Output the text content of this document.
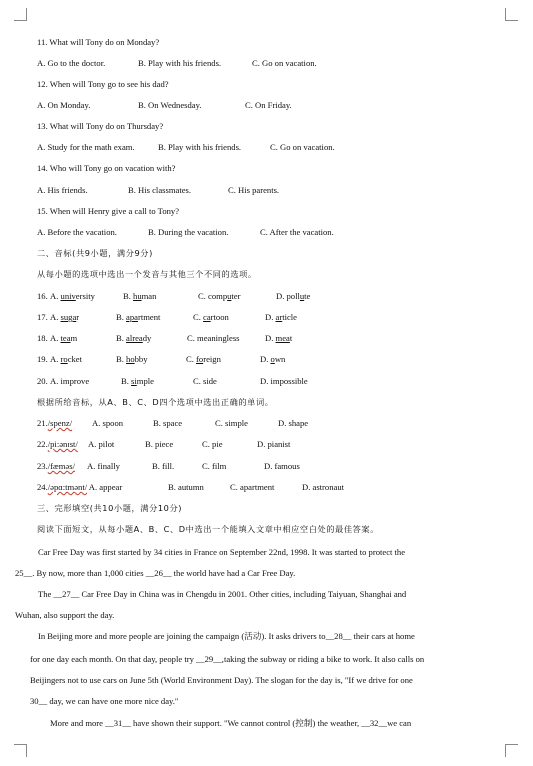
11. What will Tony do on Monday?
A. Go to the doctor.	B. Play with his friends.	C. Go on vacation.
12. When will Tony go to see his dad?
A. On Monday.	B. On Wednesday.	C. On Friday.
13. What will Tony do on Thursday?
A. Study for the math exam.	B. Play with his friends.	C. Go on vacation.
14. Who will Tony go on vacation with?
A. His friends.	B. His classmates.	C. His parents.
15. When will Henry give a call to Tony?
A. Before the vacation.	B. During the vacation.	C. After the vacation.
二、音标(共9小题，满分9分)
从每小题的选项中选出一个发音与其他三个不同的选项。
16. A. university	B. human	C. computer	D. pollute
17. A. sugar	B. apartment	C. cartoon	D. article
18. A. team	B. already	C. meaningless	D. meat
19. A. rocket	B. hobby	C. foreign	D. own
20. A. improve	B. simple	C. side	D. impossible
根据所给音标，从A、B、C、D四个选项中选出正确的单词。
21./spenz/ A. spoon	B. space	C. simple	D. shape
22./pi:ənɪst/ A. pilot	B. piece	C. pie	D. pianist
23./fæməs/ A. finally	B. fill.	C. film	D. famous
24./əpɑ:tmənt/ A. appear	B. autumn	C. apartment	D. astronaut
三、完形填空(共10小题，满分10分)
阅读下面短文，从每小题A、B、C、D中选出一个能填入文章中相应空白处的最佳答案。
Car Free Day was first started by 34 cities in France on September 22nd, 1998. It was started to protect the
25__. By now, more than 1,000 cities __26__ the world have had a Car Free Day.
The __27__ Car Free Day in China was in Chengdu in 2001. Other cities, including Taiyuan, Shanghai and
Wuhan, also support the day.
In Beijing more and more people are joining the campaign (活动). It asks drivers to__28__ their cars at home
for one day each month. On that day, people try __29__,taking the subway or riding a bike to work. It also calls on
Beijingers not to use cars on June 5th (World Environment Day). The slogan for the day is, "If we drive for one
30__ day, we can have one more nice day."
More and more __31__ have shown their support. "We cannot control (控制) the weather, __32__we can
